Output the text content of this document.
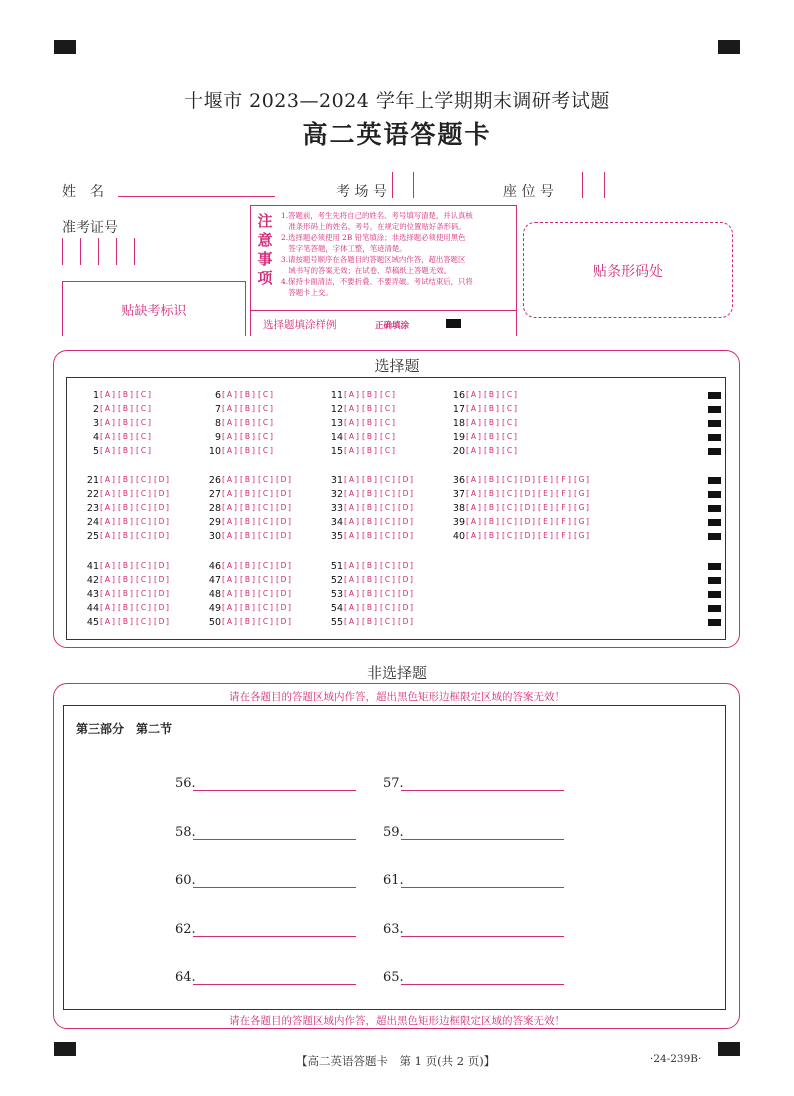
十堰市 2023—2024 学年上学期期末调研考试题
高二英语答题卡
姓　名	考 场 号	座 位 号
准考证号
贴缺考标识
注
意
事
项
1.答题前，考生先将自己的姓名、考号填写清楚，并认真核
　准条形码上的姓名、考号，在规定的位置贴好条形码。
2.选择题必须使用 2B 铅笔填涂；非选择题必须使用黑色
　签字笔答题，字体工整，笔迹清楚。
3.请按题号顺序在各题目的答题区域内作答，超出答题区
　域书写的答案无效；在试卷、草稿纸上答题无效。
4.保持卡面清洁，不要折叠、不要弄破。考试结束后，只将
　答题卡上交。
选择题填涂样例	正确填涂
贴条形码处
选择题
1 [ A ] [ B ] [ C ]	6 [ A ] [ B ] [ C ]	11 [ A ] [ B ] [ C ]	16 [ A ] [ B ] [ C ]
2 [ A ] [ B ] [ C ]	7 [ A ] [ B ] [ C ]	12 [ A ] [ B ] [ C ]	17 [ A ] [ B ] [ C ]
3 [ A ] [ B ] [ C ]	8 [ A ] [ B ] [ C ]	13 [ A ] [ B ] [ C ]	18 [ A ] [ B ] [ C ]
4 [ A ] [ B ] [ C ]	9 [ A ] [ B ] [ C ]	14 [ A ] [ B ] [ C ]	19 [ A ] [ B ] [ C ]
5 [ A ] [ B ] [ C ]	10 [ A ] [ B ] [ C ]	15 [ A ] [ B ] [ C ]	20 [ A ] [ B ] [ C ]
21 [ A ] [ B ] [ C ] [ D ]	26 [ A ] [ B ] [ C ] [ D ]	31 [ A ] [ B ] [ C ] [ D ]	36 [ A ] [ B ] [ C ] [ D ] [ E ] [ F ] [ G ]
22 [ A ] [ B ] [ C ] [ D ]	27 [ A ] [ B ] [ C ] [ D ]	32 [ A ] [ B ] [ C ] [ D ]	37 [ A ] [ B ] [ C ] [ D ] [ E ] [ F ] [ G ]
23 [ A ] [ B ] [ C ] [ D ]	28 [ A ] [ B ] [ C ] [ D ]	33 [ A ] [ B ] [ C ] [ D ]	38 [ A ] [ B ] [ C ] [ D ] [ E ] [ F ] [ G ]
24 [ A ] [ B ] [ C ] [ D ]	29 [ A ] [ B ] [ C ] [ D ]	34 [ A ] [ B ] [ C ] [ D ]	39 [ A ] [ B ] [ C ] [ D ] [ E ] [ F ] [ G ]
25 [ A ] [ B ] [ C ] [ D ]	30 [ A ] [ B ] [ C ] [ D ]	35 [ A ] [ B ] [ C ] [ D ]	40 [ A ] [ B ] [ C ] [ D ] [ E ] [ F ] [ G ]
41 [ A ] [ B ] [ C ] [ D ]	46 [ A ] [ B ] [ C ] [ D ]	51 [ A ] [ B ] [ C ] [ D ]
42 [ A ] [ B ] [ C ] [ D ]	47 [ A ] [ B ] [ C ] [ D ]	52 [ A ] [ B ] [ C ] [ D ]
43 [ A ] [ B ] [ C ] [ D ]	48 [ A ] [ B ] [ C ] [ D ]	53 [ A ] [ B ] [ C ] [ D ]
44 [ A ] [ B ] [ C ] [ D ]	49 [ A ] [ B ] [ C ] [ D ]	54 [ A ] [ B ] [ C ] [ D ]
45 [ A ] [ B ] [ C ] [ D ]	50 [ A ] [ B ] [ C ] [ D ]	55 [ A ] [ B ] [ C ] [ D ]
非选择题
请在各题目的答题区域内作答，超出黑色矩形边框限定区域的答案无效！
第三部分　第二节
56.	57.
58.	59.
60.	61.
62.	63.
64.	65.
请在各题目的答题区域内作答，超出黑色矩形边框限定区域的答案无效！
【高二英语答题卡　第 1 页(共 2 页)】	·24-239B·
